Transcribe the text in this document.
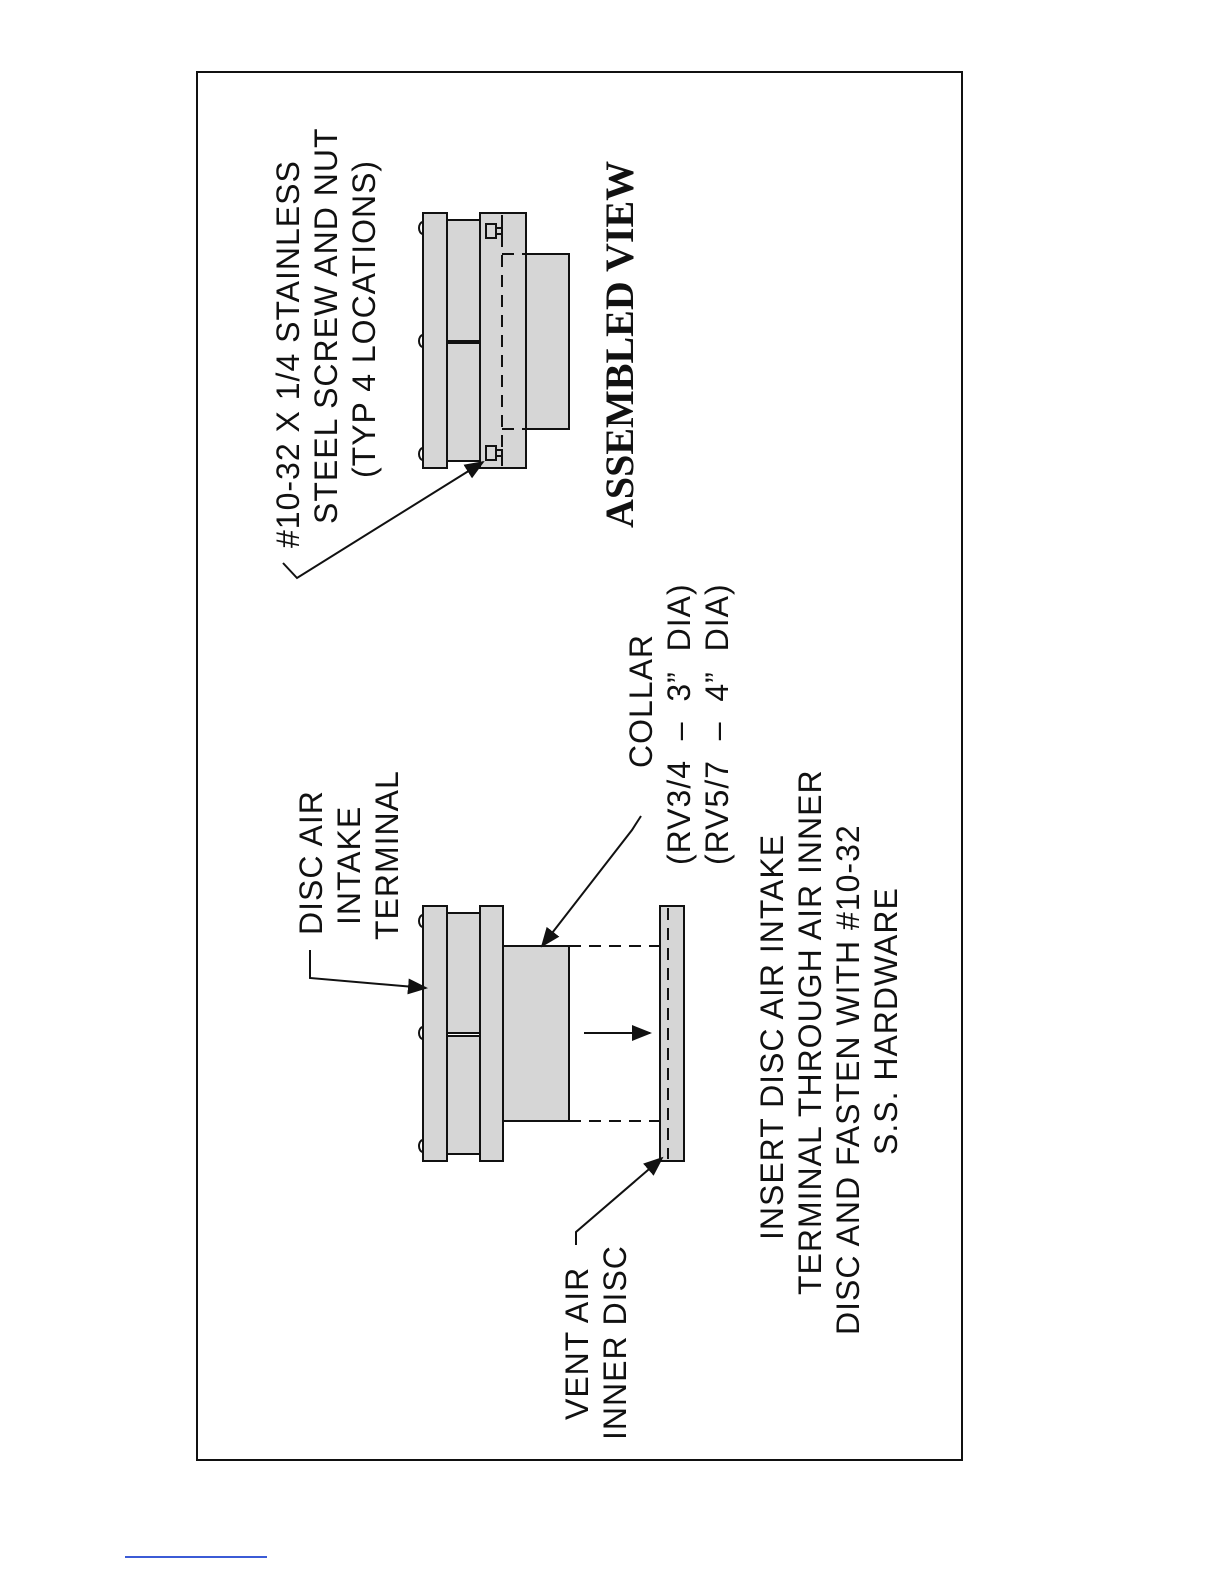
#10-32 X 1/4 STAINLESS STEEL SCREW AND NUT (TYP 4 LOCATIONS)	ASSEMBLED VIEW
DISC AIR INTAKE TERMINAL
COLLAR (RV3/4  –  3”  DIA) (RV5/7  –  4”  DIA)
VENT AIR INNER DISC
INSERT DISC AIR INTAKE TERMINAL THROUGH AIR INNER DISC AND FASTEN WITH #10-32 S.S. HARDWARE
